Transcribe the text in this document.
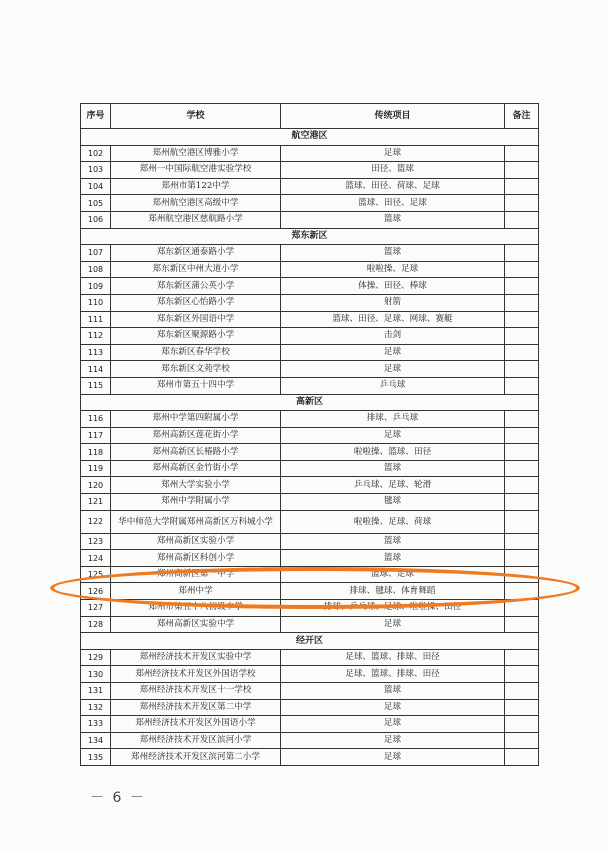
序号	学校	传统项目	备注
航空港区			
102	郑州航空港区博雅小学	足球	
103	郑州一中国际航空港实验学校	田径、篮球	
104	郑州市第122中学	篮球、田径、荷球、足球	
105	郑州航空港区高级中学	篮球、田径、足球	
106	郑州航空港区慈航路小学	篮球	
郑东新区			
107	郑东新区通泰路小学	篮球	
108	郑东新区中州大道小学	啦啦操、足球	
109	郑东新区蒲公英小学	体操、田径、棒球	
110	郑东新区心怡路小学	射箭	
111	郑东新区外国语中学	篮球、田径、足球、网球、赛艇	
112	郑东新区聚源路小学	击剑	
113	郑东新区春华学校	足球	
114	郑东新区文苑学校	足球	
115	郑州市第五十四中学	乒乓球	
高新区			
116	郑州中学第四附属小学	排球、乒乓球	
117	郑州高新区莲花街小学	足球	
118	郑州高新区长椿路小学	啦啦操、篮球、田径	
119	郑州高新区金竹街小学	篮球	
120	郑州大学实验小学	乒乓球、足球、轮滑	
121	郑州中学附属小学	毽球	
122	华中师范大学附属郑州高新区万科城小学	啦啦操、足球、荷球	
123	郑州高新区实验小学	篮球	
124	郑州高新区科创小学	篮球	
125	郑州高新区第一中学	篮球、足球	
126	郑州中学	排球、毽球、体育舞蹈	
127	郑州市第五十八初级中学	排球、乒乓球、足球、啦啦操、田径	
128	郑州高新区实验中学	足球	
经开区			
129	郑州经济技术开发区实验中学	足球、篮球、排球、田径	
130	郑州经济技术开发区外国语学校	足球、篮球、排球、田径	
131	郑州经济技术开发区十一学校	篮球	
132	郑州经济技术开发区第二中学	足球	
133	郑州经济技术开发区外国语小学	足球	
134	郑州经济技术开发区滨河小学	足球	
135	郑州经济技术开发区滨河第二小学	足球	
－ 6 －
